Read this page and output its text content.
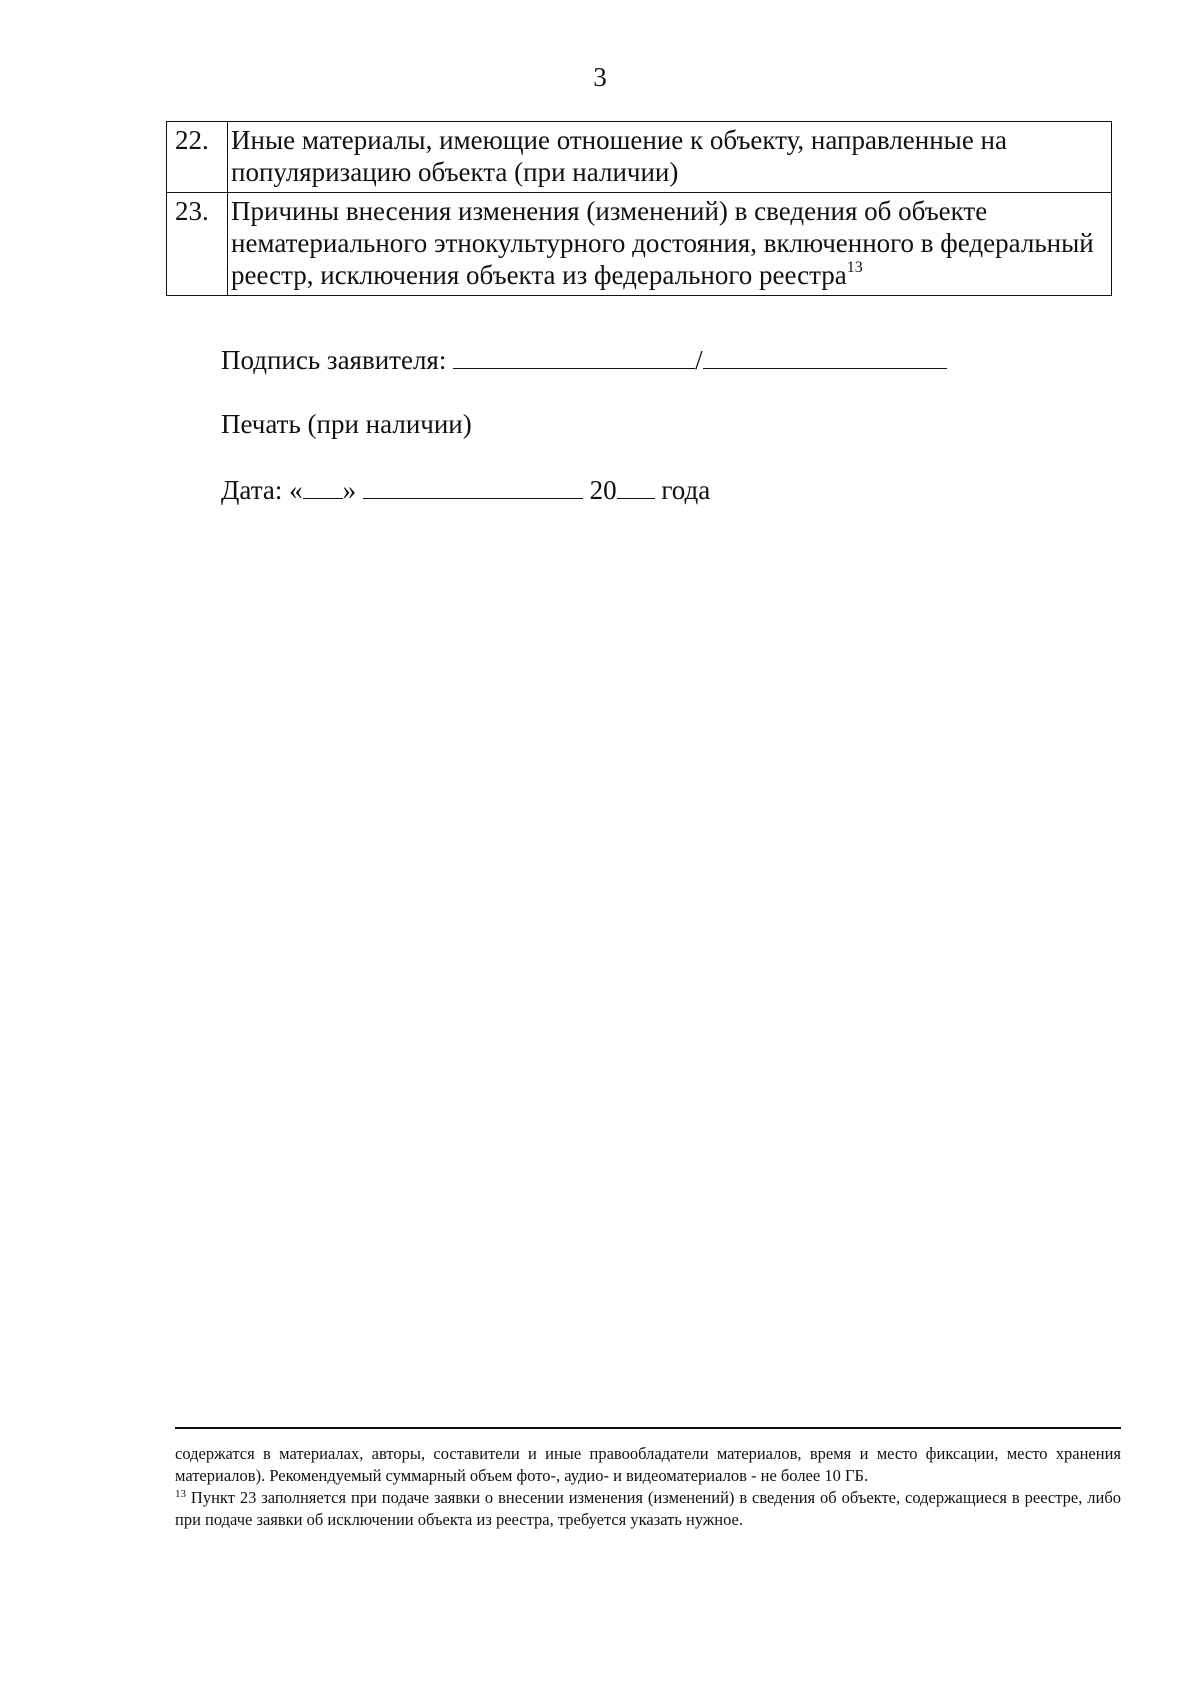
3
22.	Иные материалы, имеющие отношение к объекту, направленные на популяризацию объекта (при наличии)
23.	Причины внесения изменения (изменений) в сведения об объекте нематериального этнокультурного достояния, включенного в федеральный реестр, исключения объекта из федерального реестра$^{13}$
Подпись заявителя:	/
Печать (при наличии)
Дата: « »	20 года

содержатся в материалах, авторы, составители и иные правообладатели материалов, время и место фиксации, место хранения материалов). Рекомендуемый суммарный объем фото-, аудио- и видеоматериалов - не более 10 ГБ.

$^{13}$ Пункт 23 заполняется при подаче заявки о внесении изменения (изменений) в сведения об объекте, содержащиеся в реестре, либо при подаче заявки об исключении объекта из реестра, требуется указать нужное.
